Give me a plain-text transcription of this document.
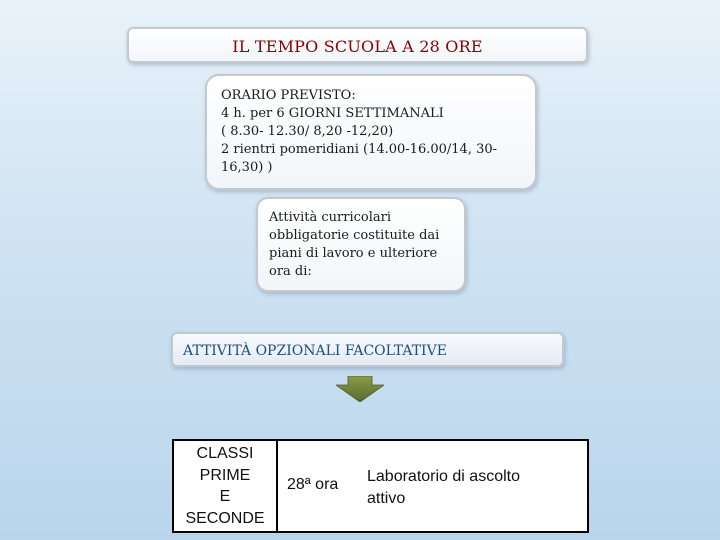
IL TEMPO SCUOLA A 28 ORE
ORARIO PREVISTO:
4 h. per 6 GIORNI SETTIMANALI
( 8.30- 12.30/ 8,20 -12,20)
2 rientri pomeridiani (14.00-16.00/14, 30-
16,30) )
Attività curricolari
obbligatorie costituite dai
piani di lavoro e ulteriore
ora di:
ATTIVITÀ OPZIONALI FACOLTATIVE
CLASSI
PRIME
E
SECONDE
28ª ora Laboratorio di ascolto
attivo
